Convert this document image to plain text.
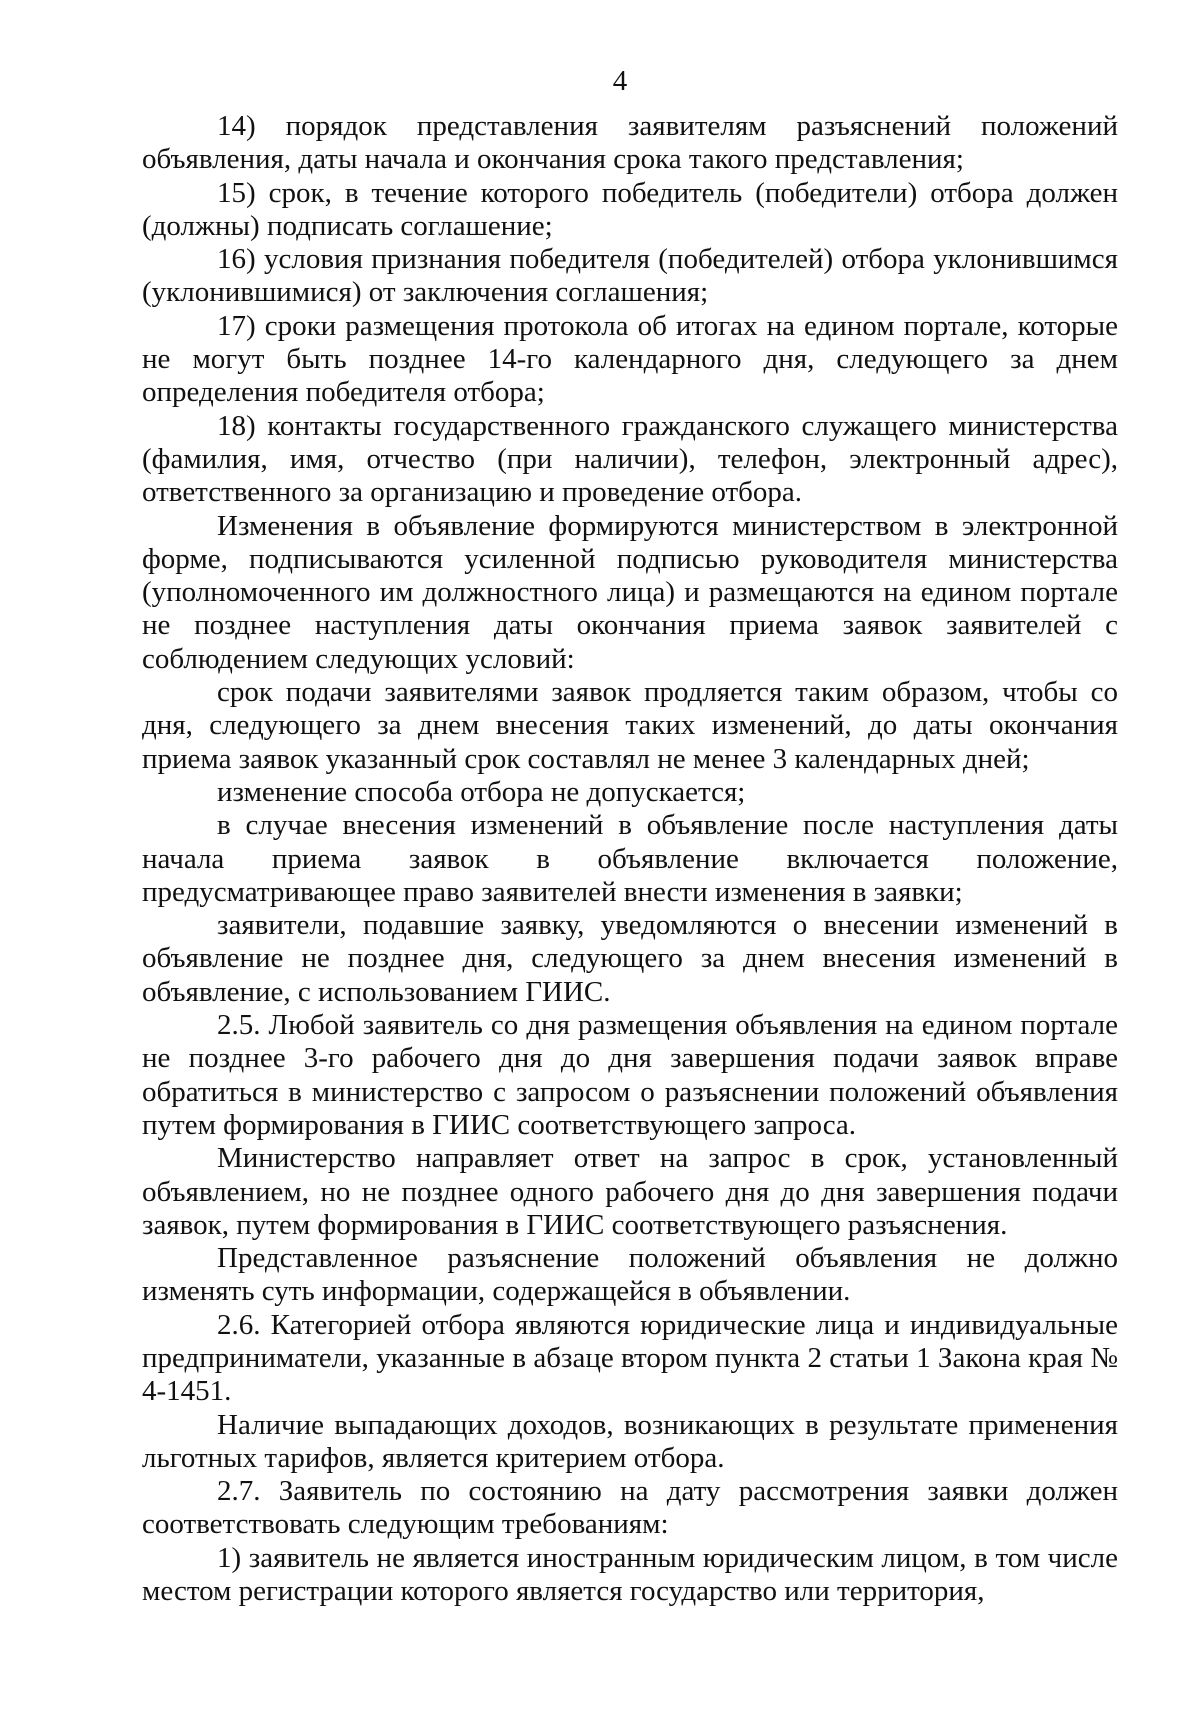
4

14) порядок представления заявителям разъяснений положений объявления, даты начала и окончания срока такого представления;

15) срок, в течение которого победитель (победители) отбора должен (должны) подписать соглашение;

16) условия признания победителя (победителей) отбора уклонившимся (уклонившимися) от заключения соглашения;

17) сроки размещения протокола об итогах на едином портале, которые не могут быть позднее 14-го календарного дня, следующего за днем определения победителя отбора;

18) контакты государственного гражданского служащего министерства (фамилия, имя, отчество (при наличии), телефон, электронный адрес), ответственного за организацию и проведение отбора.

Изменения в объявление формируются министерством в электронной форме, подписываются усиленной подписью руководителя министерства (уполномоченного им должностного лица) и размещаются на едином портале не позднее наступления даты окончания приема заявок заявителей с соблюдением следующих условий:

срок подачи заявителями заявок продляется таким образом, чтобы со дня, следующего за днем внесения таких изменений, до даты окончания приема заявок указанный срок составлял не менее 3 календарных дней;

изменение способа отбора не допускается;

в случае внесения изменений в объявление после наступления даты начала приема заявок в объявление включается положение, предусматривающее право заявителей внести изменения в заявки;

заявители, подавшие заявку, уведомляются о внесении изменений в объявление не позднее дня, следующего за днем внесения изменений в объявление, с использованием ГИИС.

2.5. Любой заявитель со дня размещения объявления на едином портале не позднее 3-го рабочего дня до дня завершения подачи заявок вправе обратиться в министерство с запросом о разъяснении положений объявления путем формирования в ГИИС соответствующего запроса.

Министерство направляет ответ на запрос в срок, установленный объявлением, но не позднее одного рабочего дня до дня завершения подачи заявок, путем формирования в ГИИС соответствующего разъяснения.

Представленное разъяснение положений объявления не должно изменять суть информации, содержащейся в объявлении.

2.6. Категорией отбора являются юридические лица и индивидуальные предприниматели, указанные в абзаце втором пункта 2 статьи 1 Закона края № 4-1451.

Наличие выпадающих доходов, возникающих в результате применения льготных тарифов, является критерием отбора.

2.7. Заявитель по состоянию на дату рассмотрения заявки должен соответствовать следующим требованиям:

1) заявитель не является иностранным юридическим лицом, в том числе местом регистрации которого является государство или территория,
